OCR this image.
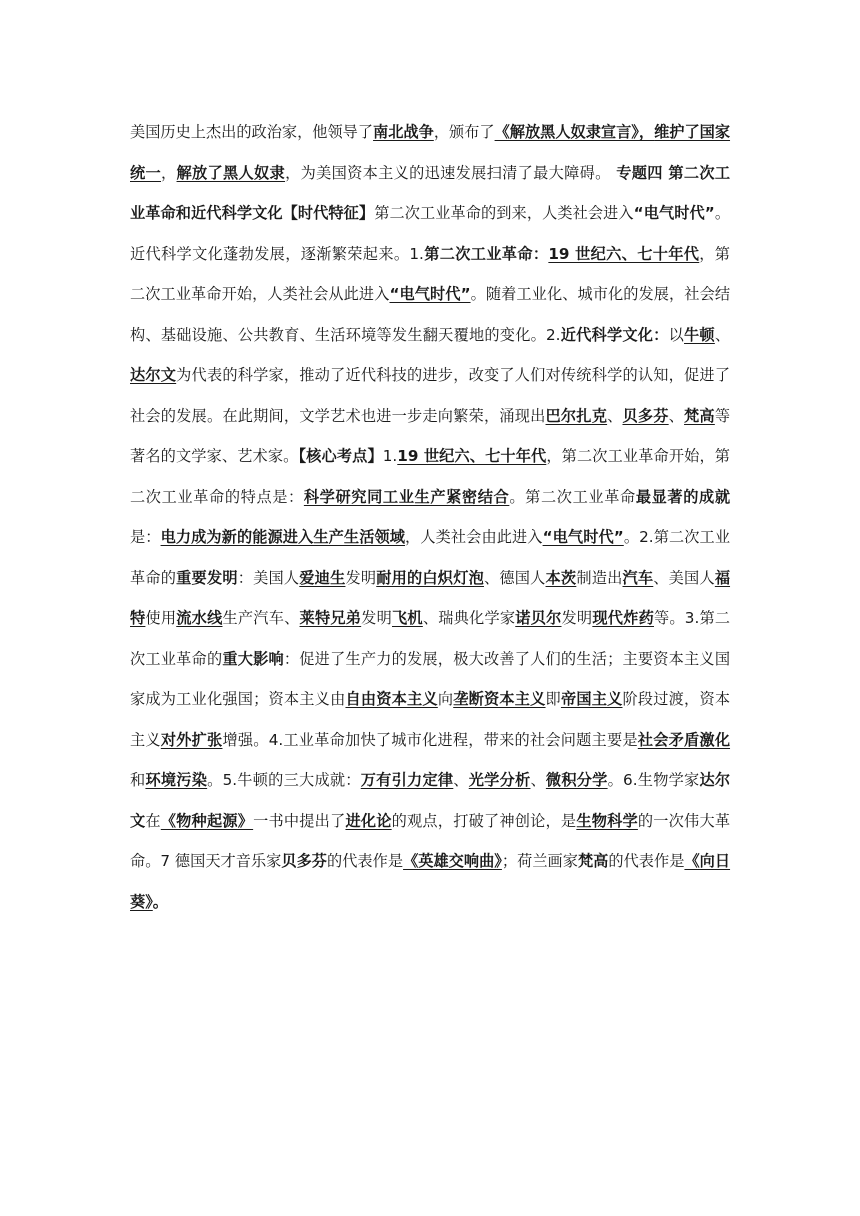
美国历史上杰出的政治家，他领导了南北战争，颁布了《解放黑人奴隶宣言》，维护了国家统一，解放了黑人奴隶，为美国资本主义的迅速发展扫清了最大障碍。 专题四 第二次工业革命和近代科学文化【时代特征】第二次工业革命的到来，人类社会进入“电气时代”。近代科学文化蓬勃发展，逐渐繁荣起来。1.第二次工业革命：19 世纪六、七十年代，第二次工业革命开始，人类社会从此进入“电气时代”。随着工业化、城市化的发展，社会结构、基础设施、公共教育、生活环境等发生翻天覆地的变化。2.近代科学文化：以牛顿、达尔文为代表的科学家，推动了近代科技的进步，改变了人们对传统科学的认知，促进了社会的发展。在此期间，文学艺术也进一步走向繁荣，涌现出巴尔扎克、贝多芬、梵高等著名的文学家、艺术家。【核心考点】1.19 世纪六、七十年代，第二次工业革命开始，第二次工业革命的特点是：科学研究同工业生产紧密结合。第二次工业革命最显著的成就是：电力成为新的能源进入生产生活领域，人类社会由此进入“电气时代”。2.第二次工业革命的重要发明：美国人爱迪生发明耐用的白炽灯泡、德国人本茨制造出汽车、美国人福特使用流水线生产汽车、莱特兄弟发明飞机、瑞典化学家诺贝尔发明现代炸药等。3.第二次工业革命的重大影响：促进了生产力的发展，极大改善了人们的生活；主要资本主义国家成为工业化强国；资本主义由自由资本主义向垄断资本主义即帝国主义阶段过渡，资本主义对外扩张增强。4.工业革命加快了城市化进程，带来的社会问题主要是社会矛盾激化和环境污染。5.牛顿的三大成就：万有引力定律、光学分析、微积分学。6.生物学家达尔文在《物种起源》一书中提出了进化论的观点，打破了神创论，是生物科学的一次伟大革命。7 德国天才音乐家贝多芬的代表作是《英雄交响曲》；荷兰画家梵高的代表作是《向日葵》。
